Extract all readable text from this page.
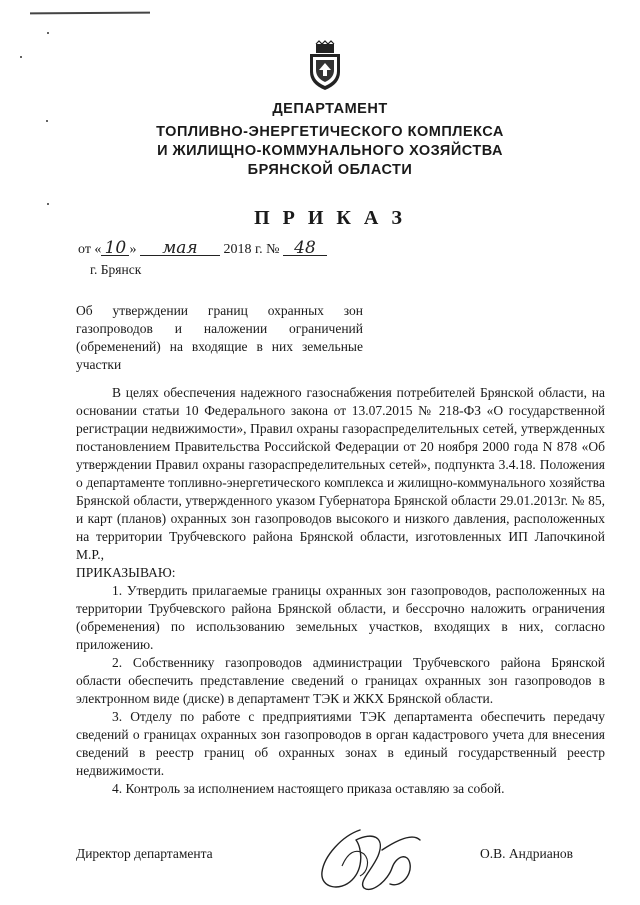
ДЕПАРТАМЕНТ
ТОПЛИВНО-ЭНЕРГЕТИЧЕСКОГО КОМПЛЕКСА
И ЖИЛИЩНО-КОММУНАЛЬНОГО ХОЗЯЙСТВА
БРЯНСКОЙ ОБЛАСТИ
П Р И К А З
от « 10 » мая 2018 г. № 48
г. Брянск
Об утверждении границ охранных зон газопроводов и наложении ограничений (обременений) на входящие в них земельные участки

В целях обеспечения надежного газоснабжения потребителей Брянской области, на основании статьи 10 Федерального закона от 13.07.2015 № 218-ФЗ «О государственной регистрации недвижимости», Правил охраны газораспределительных сетей, утвержденных постановлением Правительства Российской Федерации от 20 ноября 2000 года N 878 «Об утверждении Правил охраны газораспределительных сетей», подпункта 3.4.18. Положения о департаменте топливно-энергетического комплекса и жилищно-коммунального хозяйства Брянской области, утвержденного указом Губернатора Брянской области 29.01.2013г. № 85, и карт (планов) охранных зон газопроводов высокого и низкого давления, расположенных на территории Трубчевского района Брянской области, изготовленных ИП Лапочкиной М.Р.,

ПРИКАЗЫВАЮ:

1. Утвердить прилагаемые границы охранных зон газопроводов, расположенных на территории Трубчевского района Брянской области, и бессрочно наложить ограничения (обременения) по использованию земельных участков, входящих в них, согласно приложению.

2. Собственнику газопроводов администрации Трубчевского района Брянской области обеспечить представление сведений о границах охранных зон газопроводов в электронном виде (диске) в департамент ТЭК и ЖКХ Брянской области.

3. Отделу по работе с предприятиями ТЭК департамента обеспечить передачу сведений о границах охранных зон газопроводов в орган кадастрового учета для внесения сведений в реестр границ об охранных зонах в единый государственный реестр недвижимости.

4. Контроль за исполнением настоящего приказа оставляю за собой.

Директор департамента	О.В. Андрианов
